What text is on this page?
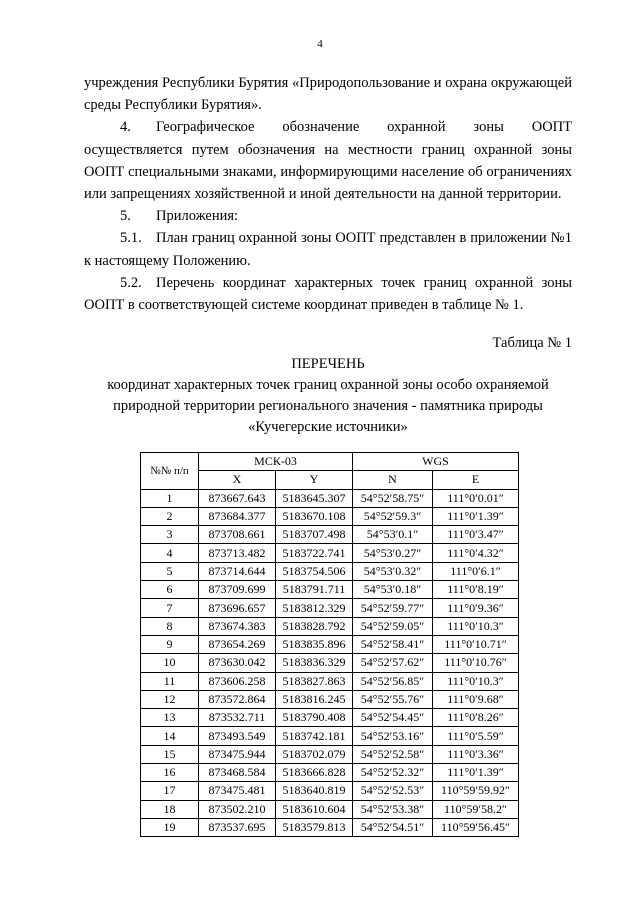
4

учреждения Республики Бурятия «Природопользование и охрана окружающей среды Республики Бурятия».

4. Географическое обозначение охранной зоны ООПТ осуществляется путем обозначения на местности границ охранной зоны ООПТ специальными знаками, информирующими население об ограничениях или запрещениях хозяйственной и иной деятельности на данной территории.

5. Приложения:

5.1. План границ охранной зоны ООПТ представлен в приложении №1 к настоящему Положению.

5.2. Перечень координат характерных точек границ охранной зоны ООПТ в соответствующей системе координат приведен в таблице № 1.

Таблица № 1

ПЕРЕЧЕНЬ

координат характерных точек границ охранной зоны особо охраняемой

природной территории регионального значения - памятника природы

«Кучегерские источники»

№№ п/п	МСК-03		WGS	
	X	Y	N	E
1	873667.643	5183645.307	54°52′58.75″	111°0′0.01″
2	873684.377	5183670.108	54°52′59.3″	111°0′1.39″
3	873708.661	5183707.498	54°53′0.1″	111°0′3.47″
4	873713.482	5183722.741	54°53′0.27″	111°0′4.32″
5	873714.644	5183754.506	54°53′0.32″	111°0′6.1″
6	873709.699	5183791.711	54°53′0.18″	111°0′8.19″
7	873696.657	5183812.329	54°52′59.77″	111°0′9.36″
8	873674.383	5183828.792	54°52′59.05″	111°0′10.3″
9	873654.269	5183835.896	54°52′58.41″	111°0′10.71″
10	873630.042	5183836.329	54°52′57.62″	111°0′10.76″
11	873606.258	5183827.863	54°52′56.85″	111°0′10.3″
12	873572.864	5183816.245	54°52′55.76″	111°0′9.68″
13	873532.711	5183790.408	54°52′54.45″	111°0′8.26″
14	873493.549	5183742.181	54°52′53.16″	111°0′5.59″
15	873475.944	5183702.079	54°52′52.58″	111°0′3.36″
16	873468.584	5183666.828	54°52′52.32″	111°0′1.39″
17	873475.481	5183640.819	54°52′52.53″	110°59′59.92″
18	873502.210	5183610.604	54°52′53.38″	110°59′58.2″
19	873537.695	5183579.813	54°52′54.51″	110°59′56.45″
